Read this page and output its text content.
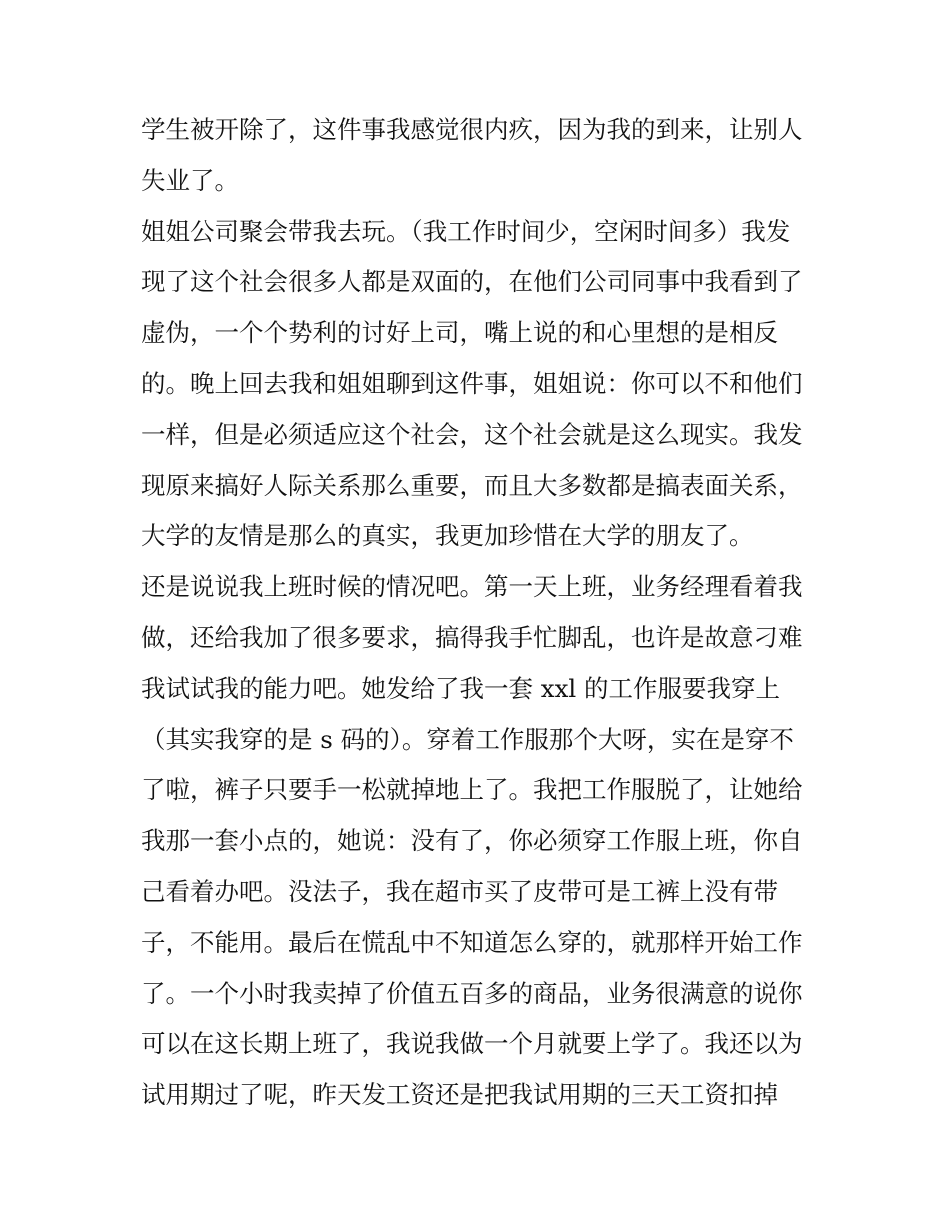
学生被开除了，这件事我感觉很内疚，因为我的到来，让别人
失业了。
姐姐公司聚会带我去玩。（我工作时间少，空闲时间多）我发
现了这个社会很多人都是双面的，在他们公司同事中我看到了
虚伪，一个个势利的讨好上司，嘴上说的和心里想的是相反
的。晚上回去我和姐姐聊到这件事，姐姐说：你可以不和他们
一样，但是必须适应这个社会，这个社会就是这么现实。我发
现原来搞好人际关系那么重要，而且大多数都是搞表面关系，
大学的友情是那么的真实，我更加珍惜在大学的朋友了。
还是说说我上班时候的情况吧。第一天上班，业务经理看着我
做，还给我加了很多要求，搞得我手忙脚乱，也许是故意刁难
我试试我的能力吧。她发给了我一套 xxl 的工作服要我穿上
（其实我穿的是 s 码的）。穿着工作服那个大呀，实在是穿不
了啦，裤子只要手一松就掉地上了。我把工作服脱了，让她给
我那一套小点的，她说：没有了，你必须穿工作服上班，你自
己看着办吧。没法子，我在超市买了皮带可是工裤上没有带
子，不能用。最后在慌乱中不知道怎么穿的，就那样开始工作
了。一个小时我卖掉了价值五百多的商品，业务很满意的说你
可以在这长期上班了，我说我做一个月就要上学了。我还以为
试用期过了呢，昨天发工资还是把我试用期的三天工资扣掉
